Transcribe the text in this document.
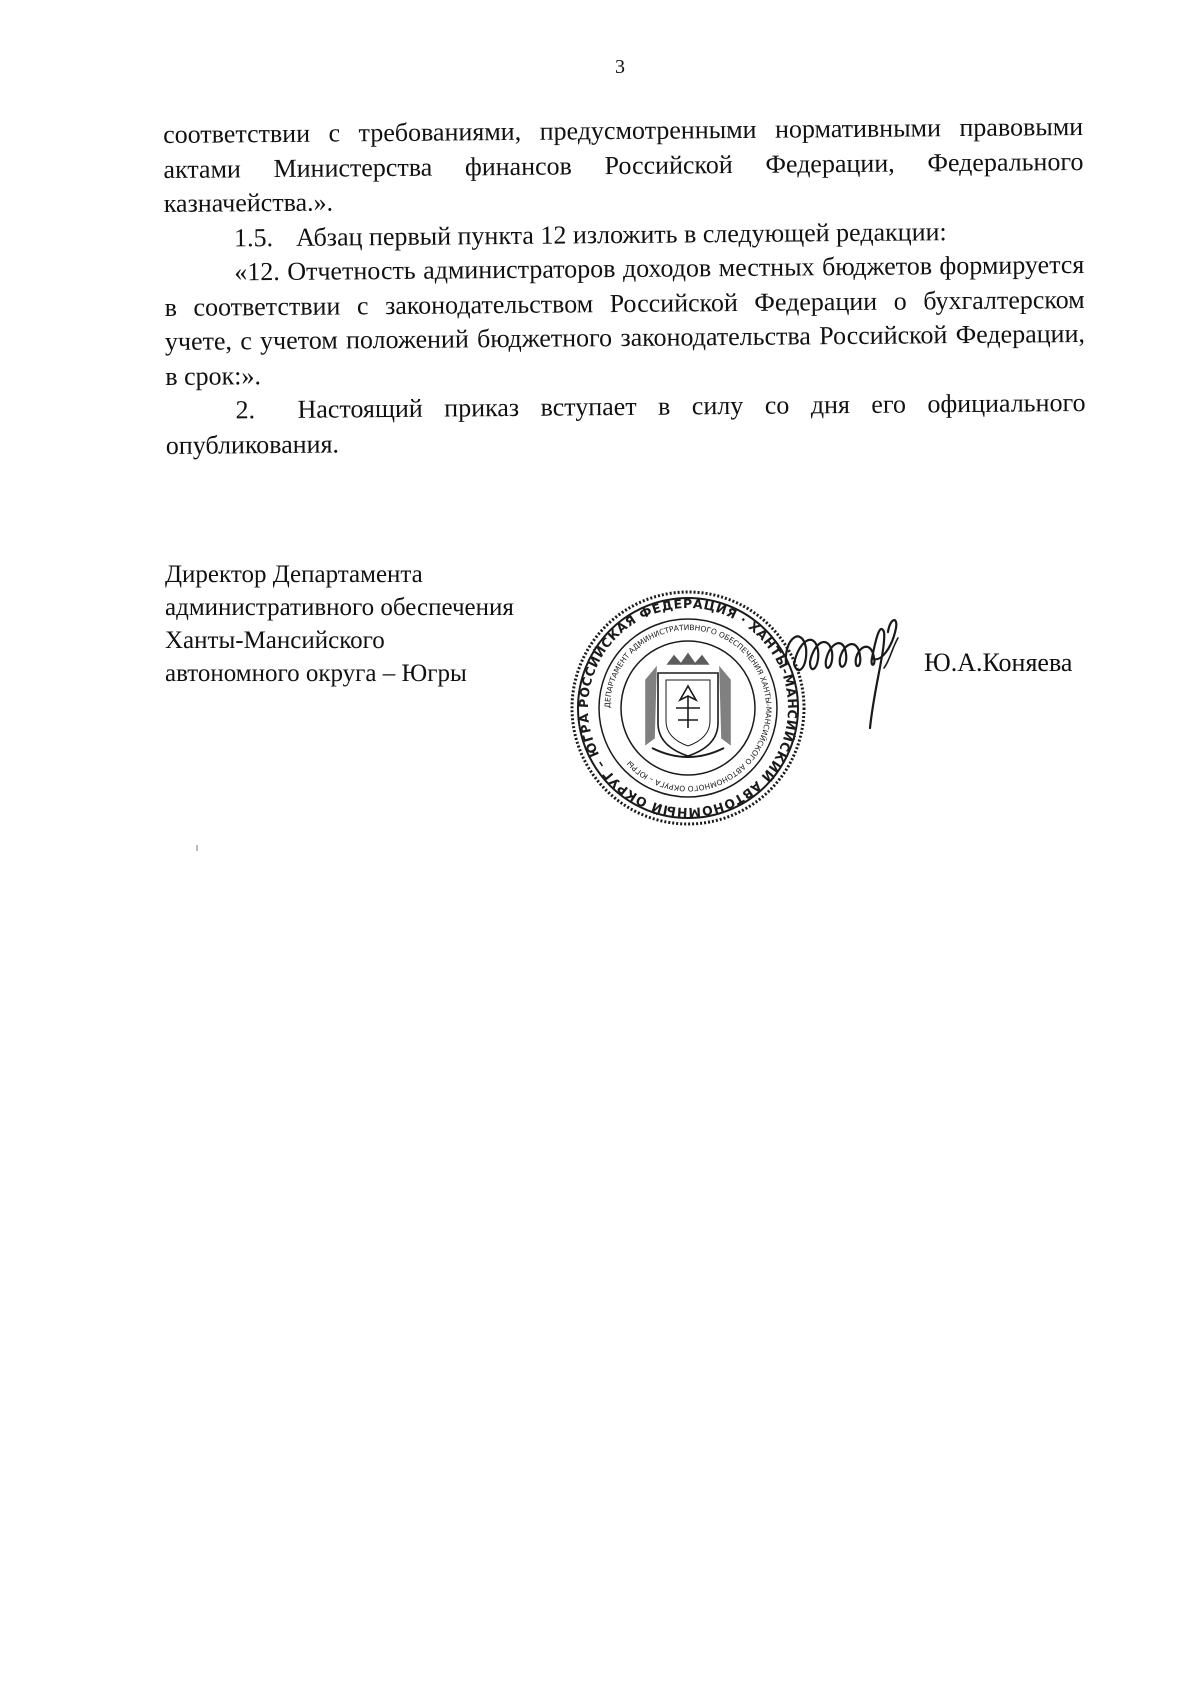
3

соответствии с требованиями, предусмотренными нормативными правовыми актами Министерства финансов Российской Федерации, Федерального казначейства.».

1.5. Абзац первый пункта 12 изложить в следующей редакции:

«12. Отчетность администраторов доходов местных бюджетов формируется в соответствии с законодательством Российской Федерации о бухгалтерском учете, с учетом положений бюджетного законодательства Российской Федерации, в срок:».

2. Настоящий приказ вступает в силу со дня его официального опубликования.

Директор Департамента
административного обеспечения
Ханты-Мансийского
автономного округа – Югры
РОССИЙСКАЯ ФЕДЕРАЦИЯ · ХАНТЫ-МАНСИЙСКИЙ АВТОНОМНЫЙ ОКРУГ – ЮГРА
ДЕПАРТАМЕНТ АДМИНИСТРАТИВНОГО ОБЕСПЕЧЕНИЯ ХАНТЫ-МАНСИЙСКОГО АВТОНОМНОГО ОКРУГА – ЮГРЫ
Ю.А.Коняева
